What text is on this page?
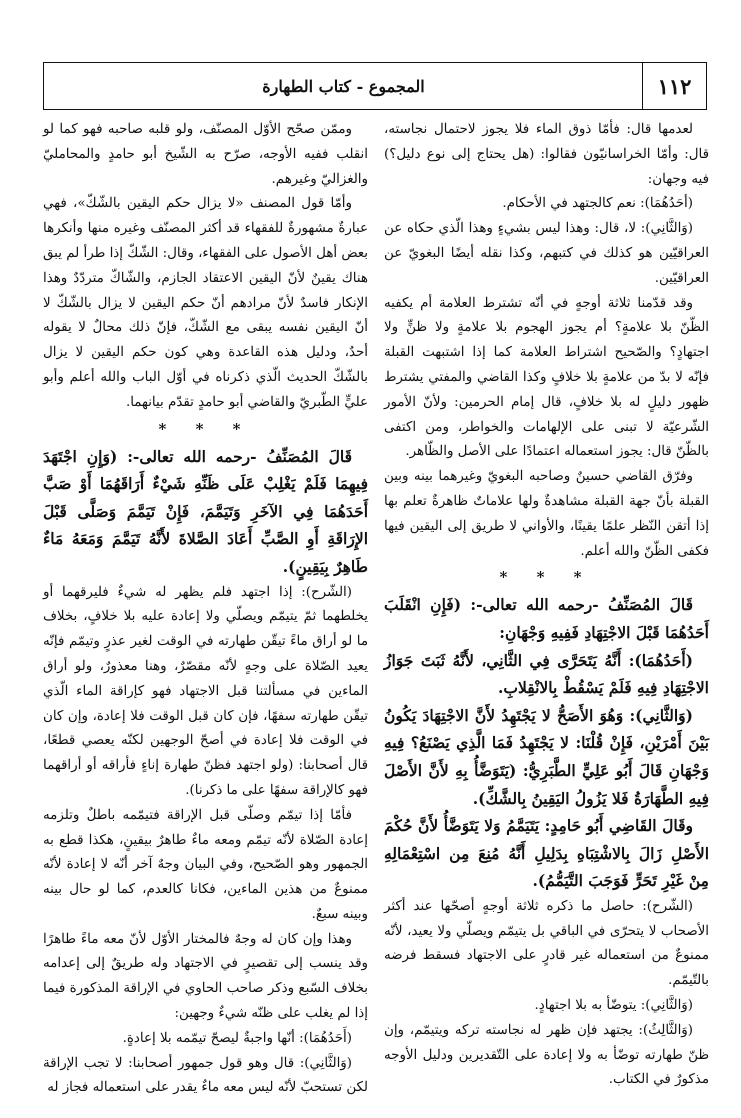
١١٢
المجموع - كتاب الطهارة

لعدمها قال: فأمّا ذوق الماء فلا يجوز لاحتمال نجاسته، قال: وأمّا الخراسانيّون فقالوا: (هل يحتاج إلى نوع دليل؟) فيه وجهان:

(أحَدُهُمَا): نعم كالجتهد في الأحكام.

(وَالثَّانِي): لا، قال: وهذا ليس بشيءٍ وهذا الّذي حكاه عن العراقيّين هو كذلك في كتبهم، وكذا نقله أيضًا البغويّ عن العراقيّين.

وقد قدّمنا ثلاثة أوجهٍ في أنّه تشترط العلامة أم يكفيه الظّنّ بلا علامةٍ؟ أم يجوز الهجوم بلا علامةٍ ولا ظنٍّ ولا اجتهادٍ؟ والصّحيح اشتراط العلامة كما إذا اشتبهت القبلة فإنّه لا بدّ من علامةٍ بلا خلافٍ وكذا القاضي والمفتي يشترط ظهور دليلٍ له بلا خلافٍ، قال إمام الحرمين: ولأنّ الأمور الشّرعيّة لا تبنى على الإلهامات والخواطر، ومن اكتفى بالظّنّ قال: يجوز استعماله اعتمادًا على الأصل والظّاهر.

وفرّق القاضي حسينٌ وصاحبه البغويّ وغيرهما بينه وبين القبلة بأنّ جهة القبلة مشاهدةٌ ولها علاماتٌ ظاهرةٌ تعلم بها إذا أتقن النّظر علمًا يقينًا، والأواني لا طريق إلى اليقين فيها فكفى الظّنّ والله أعلم.

* * *

قَالَ المُصَنِّفُ -رحمه الله تعالى-: (فَإِنِ انْقَلَبَ أَحَدُهُمَا قَبْلَ الاجْتِهَادِ فَفِيهِ وَجْهَانِ:

(أَحَدُهُمَا): أَنَّهُ يَتَحَرَّى فِي الثَّانِي، لأَنَّهُ ثَبَتَ جَوَازُ الاجْتِهَادِ فِيهِ فَلَمْ يَسْقُطْ بِالانْقِلابِ.

(وَالثَّانِي): وَهُوَ الأَصَحُّ لا يَجْتَهِدُ لأَنَّ الاجْتِهَادَ يَكُونُ بَيْنَ أَمْرَيْنِ، فَإِنْ قُلْنَا: لا يَجْتَهِدُ فَمَا الَّذِي يَصْنَعُ؟ فِيهِ وَجْهَانِ قَالَ أَبُو عَلِيٍّ الطَّبَرِيُّ: (يَتَوَضَّأُ بِهِ لأَنَّ الأَصْلَ فِيهِ الطَّهَارَةُ فَلا يَزُولُ اليَقِينُ بِالشَّكِّ).

وقَالَ القَاضِي أَبُو حَامِدٍ: يَتَيَمَّمُ وَلا يَتَوَضَّأُ لأَنَّ حُكْمَ الأَصْلِ زَالَ بِالاشْتِبَاهِ بِدَلِيلِ أَنَّهُ مُنِعَ مِن اسْتِعْمَالِهِ مِنْ غَيْرِ تَحَرٍّ فَوَجَبَ التَّيَمُّمُ).

(الشّرح): حاصل ما ذكره ثلاثة أوجهٍ أصحّها عند أكثر الأصحاب لا يتحرّى في الباقي بل يتيمّم ويصلّي ولا يعيد، لأنّه ممنوعٌ من استعماله غير قادرٍ على الاجتهاد فسقط فرضه بالتّيمّم.

(وَالثَّانِي): يتوضّأ به بلا اجتهادٍ.

(وَالثَّالِثُ): يجتهد فإن ظهر له نجاسته تركه ويتيمّم، وإن ظنّ طهارته توضّأ به ولا إعادة على التّقديرين ودليل الأوجه مذكورٌ في الكتاب.

وممّن صحّح الأوّل المصنّف، ولو قلبه صاحبه فهو كما لو انقلب ففيه الأوجه، صرّح به الشّيخ أبو حامدٍ والمحامليّ والغزاليّ وغيرهم.

وأمّا قول المصنف «لا يزال حكم اليقين بالشّكّ»، فهي عبارةٌ مشهورةٌ للفقهاء قد أكثر المصنّف وغيره منها وأنكرها بعض أهل الأصول على الفقهاء، وقال: الشّكّ إذا طرأ لم يبق هناك يقينٌ لأنّ اليقين الاعتقاد الجازم، والشّاكّ متردّدٌ وهذا الإنكار فاسدٌ لأنّ مرادهم أنّ حكم اليقين لا يزال بالشّكّ لا أنّ اليقين نفسه يبقى مع الشّكّ، فإنّ ذلك محالٌ لا يقوله أحدٌ، ودليل هذه القاعدة وهي كون حكم اليقين لا يزال بالشّكّ الحديث الّذي ذكرناه في أوّل الباب والله أعلم وأبو عليٍّ الطّبريّ والقاضي أبو حامدٍ تقدّم بيانهما.

* * *

قَالَ المُصَنِّفُ -رحمه الله تعالى-: (وَإِنِ اجْتَهَدَ فِيهِمَا فَلَمْ يَغْلِبْ عَلَى ظَنِّهِ شَيْءٌ أَرَاقَهُمَا أَوْ صَبَّ أَحَدَهُمَا فِي الآخَرِ وَتَيَمَّمَ، فَإِنْ تَيَمَّمَ وَصَلَّى قَبْلَ الإِرَاقَةِ أَوِ الصَّبِّ أَعَادَ الصَّلاةَ لأَنَّهُ تَيَمَّمَ وَمَعَهُ مَاءٌ طَاهِرٌ بِيَقِينٍ).

(الشّرح): إذا اجتهد فلم يظهر له شيءٌ فليرقهما أو يخلطهما ثمّ يتيمّم ويصلّي ولا إعادة عليه بلا خلافٍ، بخلاف ما لو أراق ماءً تيقّن طهارته في الوقت لغير عذرٍ وتيمّم فإنّه يعيد الصّلاة على وجهٍ لأنّه مقصّرٌ، وهنا معذورٌ، ولو أراق الماءين في مسألتنا قبل الاجتهاد فهو كإراقة الماء الّذي تيقّن طهارته سفهًا، فإن كان قبل الوقت فلا إعادة، وإن كان في الوقت فلا إعادة في أصحّ الوجهين لكنّه يعصي قطعًا، قال أصحابنا: (ولو اجتهد فظنّ طهارة إناءٍ فأراقه أو أراقهما فهو كالإراقة سفهًا على ما ذكرنا).

فأمّا إذا تيمّم وصلّى قبل الإراقة فتيمّمه باطلٌ وتلزمه إعادة الصّلاة لأنّه تيمّم ومعه ماءٌ طاهرٌ بيقينٍ، هكذا قطع به الجمهور وهو الصّحيح، وفي البيان وجهٌ آخر أنّه لا إعادة لأنّه ممنوعٌ من هذين الماءين، فكانا كالعدم، كما لو حال بينه وبينه سبعٌ.

وهذا وإن كان له وجهٌ فالمختار الأوّل لأنّ معه ماءً طاهرًا وقد ينسب إلى تقصيرٍ في الاجتهاد وله طريقٌ إلى إعدامه بخلاف السّبع وذكر صاحب الحاوي في الإراقة المذكورة فيما إذا لم يغلب على ظنّه شيءٌ وجهين:

(أَحَدُهُمَا): أنّها واجبةٌ ليصحّ تيمّمه بلا إعادةٍ.

(وَالثَّانِي): قال وهو قول جمهور أصحابنا: لا تجب الإراقة لكن تستحبّ لأنّه ليس معه ماءٌ يقدر على استعماله فجاز له
